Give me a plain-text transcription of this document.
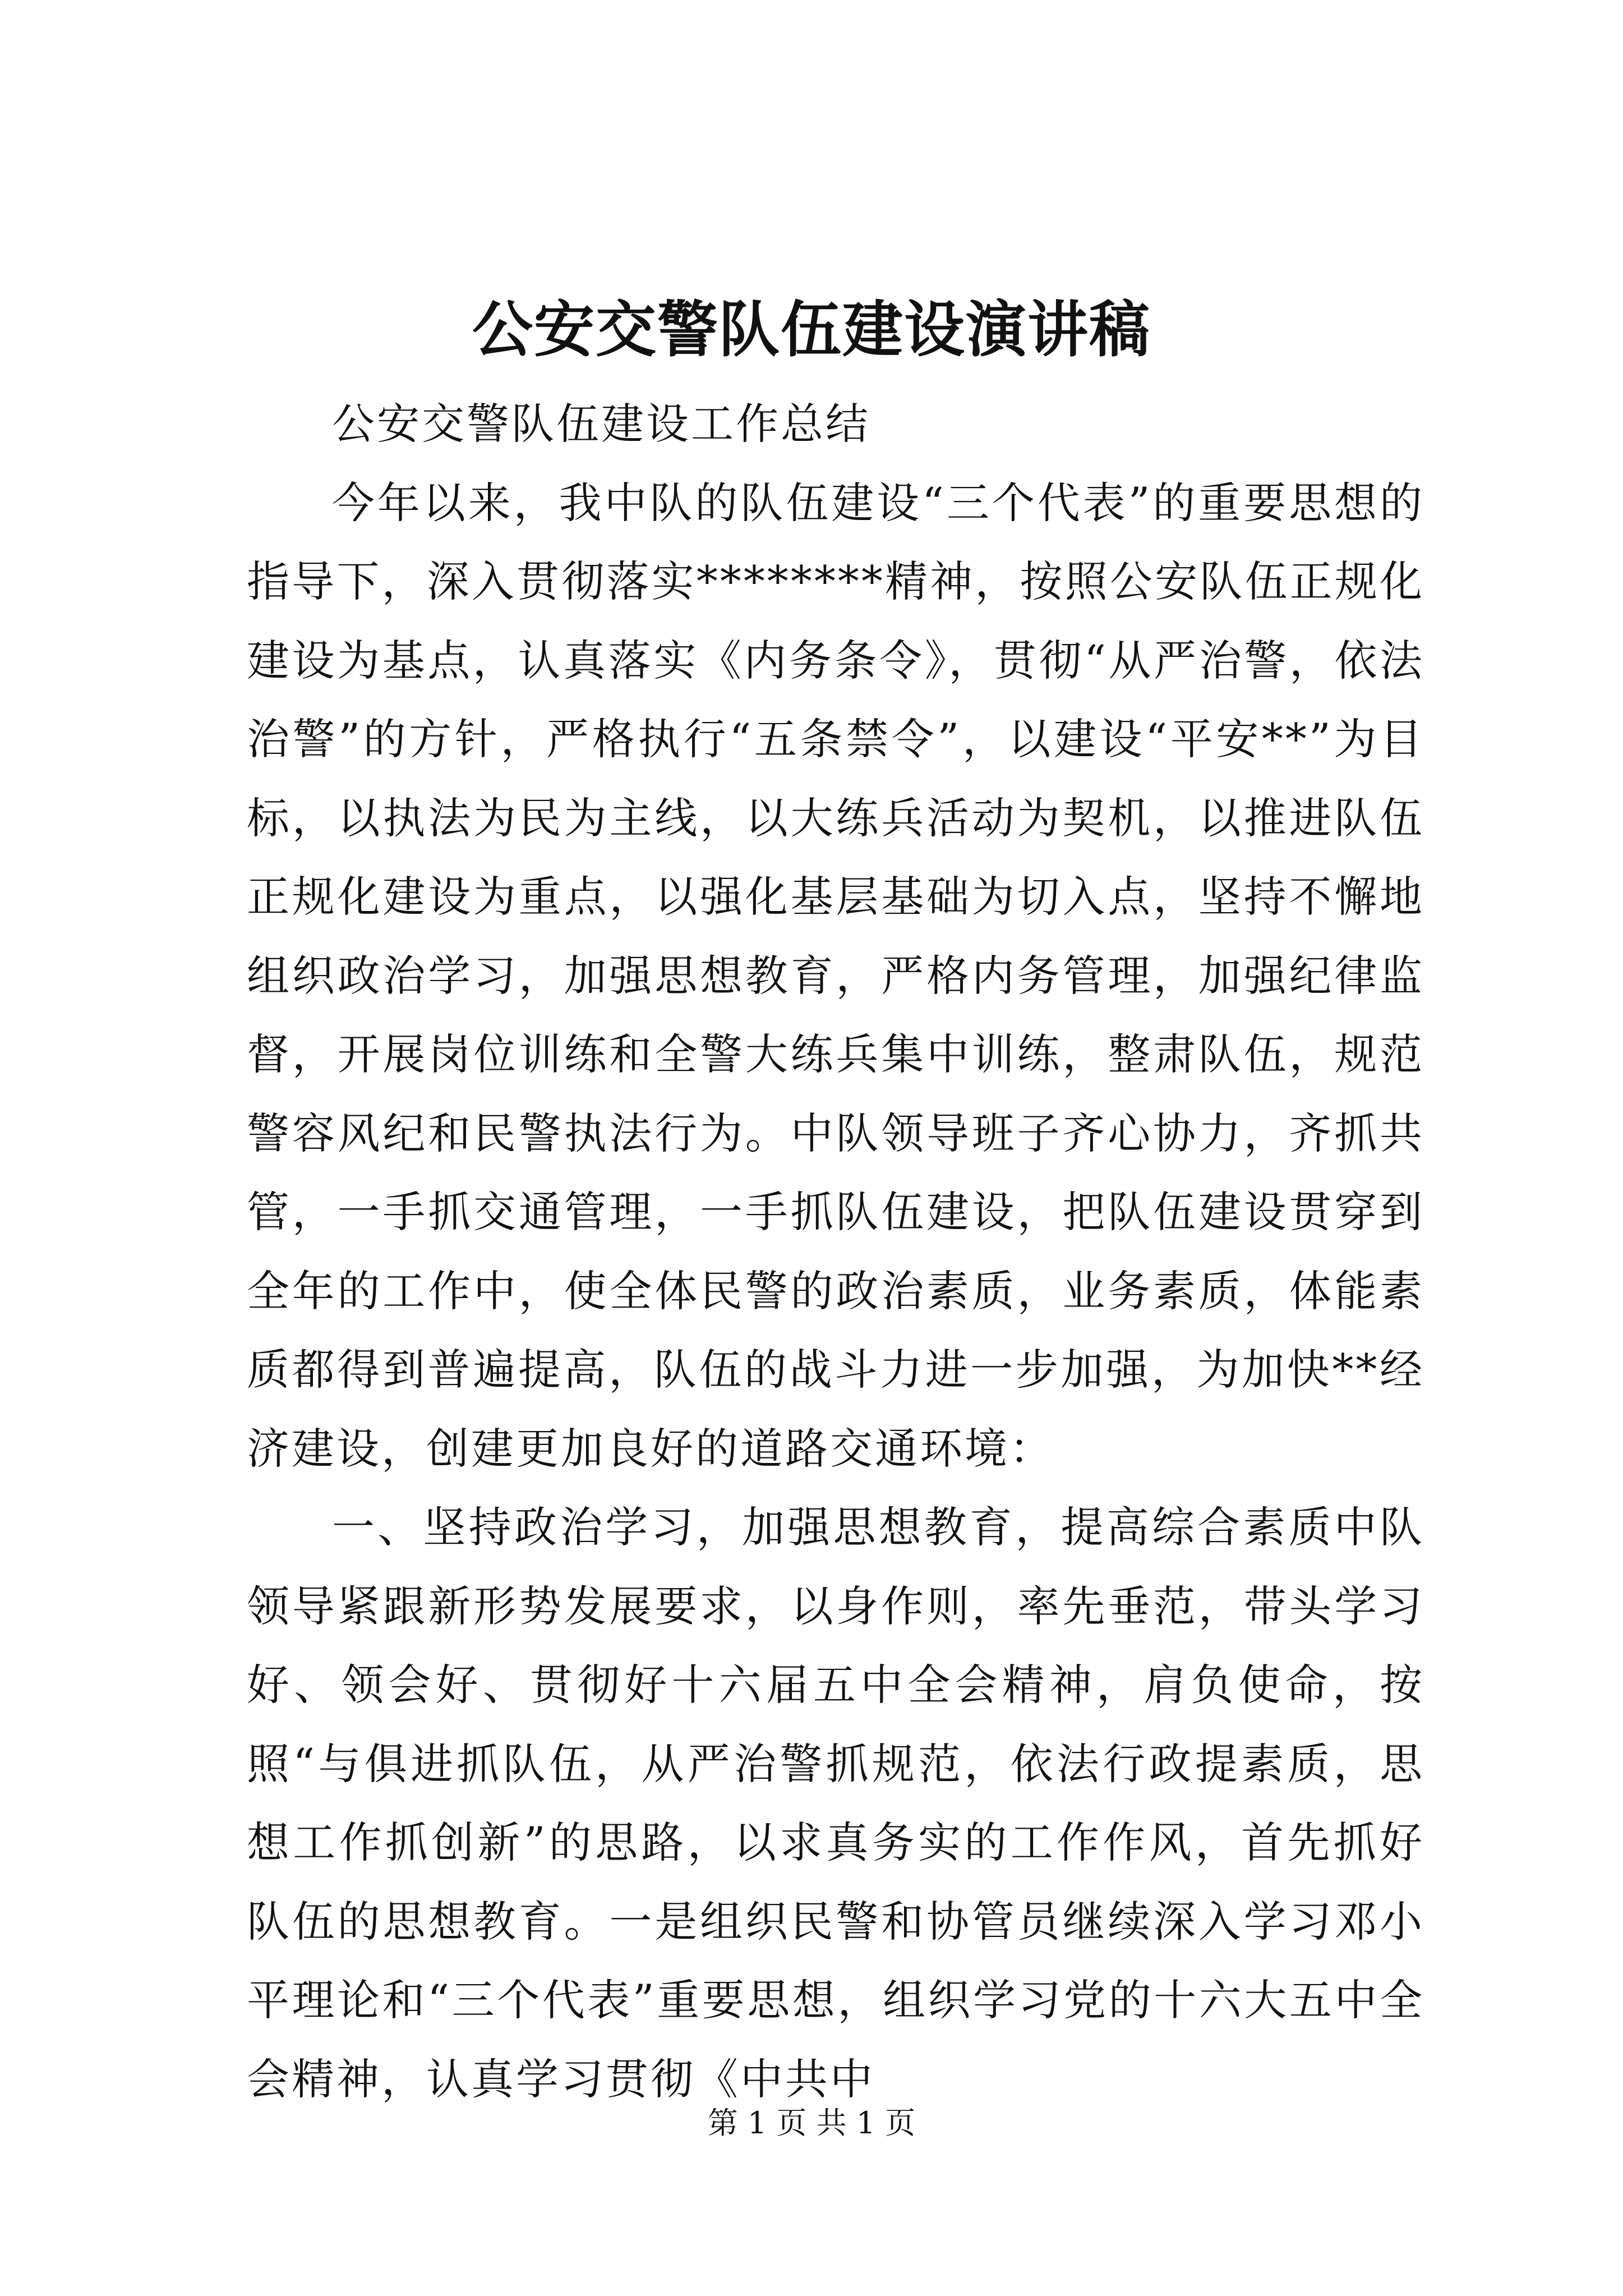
公安交警队伍建设演讲稿

公安交警队伍建设工作总结

今年以来，我中队的队伍建设“三个代表”的重要思想的指导下，深入贯彻落实********精神，按照公安队伍正规化建设为基点，认真落实《内务条令》，贯彻“从严治警，依法治警”的方针，严格执行“五条禁令”，以建设“平安**”为目标，以执法为民为主线，以大练兵活动为契机，以推进队伍正规化建设为重点，以强化基层基础为切入点，坚持不懈地组织政治学习，加强思想教育，严格内务管理，加强纪律监督，开展岗位训练和全警大练兵集中训练，整肃队伍，规范警容风纪和民警执法行为。中队领导班子齐心协力，齐抓共管，一手抓交通管理，一手抓队伍建设，把队伍建设贯穿到全年的工作中，使全体民警的政治素质，业务素质，体能素质都得到普遍提高，队伍的战斗力进一步加强，为加快**经济建设，创建更加良好的道路交通环境：

一、坚持政治学习，加强思想教育，提高综合素质中队领导紧跟新形势发展要求，以身作则，率先垂范，带头学习好、领会好、贯彻好十六届五中全会精神，肩负使命，按照“与俱进抓队伍，从严治警抓规范，依法行政提素质，思想工作抓创新”的思路，以求真务实的工作作风，首先抓好队伍的思想教育。一是组织民警和协管员继续深入学习邓小平理论和“三个代表”重要思想，组织学习党的十六大五中全会精神，认真学习贯彻《中共中

第 1 页 共 1 页
